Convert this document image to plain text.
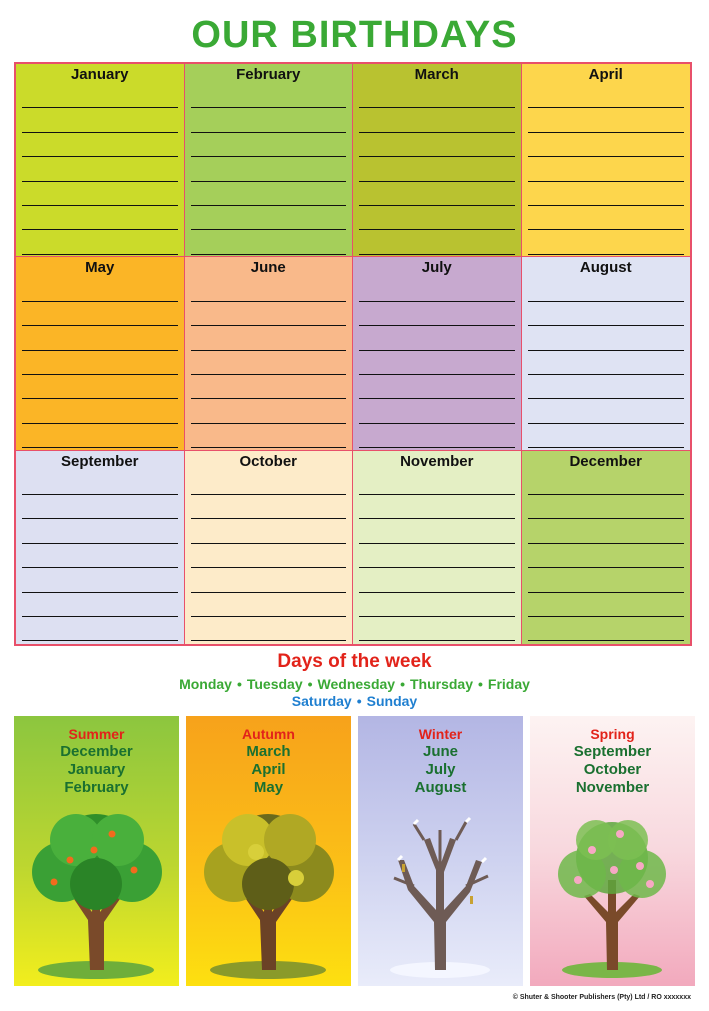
OUR BIRTHDAYS
January	February	March	April
May	June	July	August
September	October	November	December
Days of the week
Monday • Tuesday • Wednesday • Thursday • Friday
Saturday • Sunday
Summer
December
January
February
Autumn
March
April
May
Winter
June
July
August
Spring
September
October
November
© Shuter & Shooter Publishers (Pty) Ltd / RO xxxxxxx
